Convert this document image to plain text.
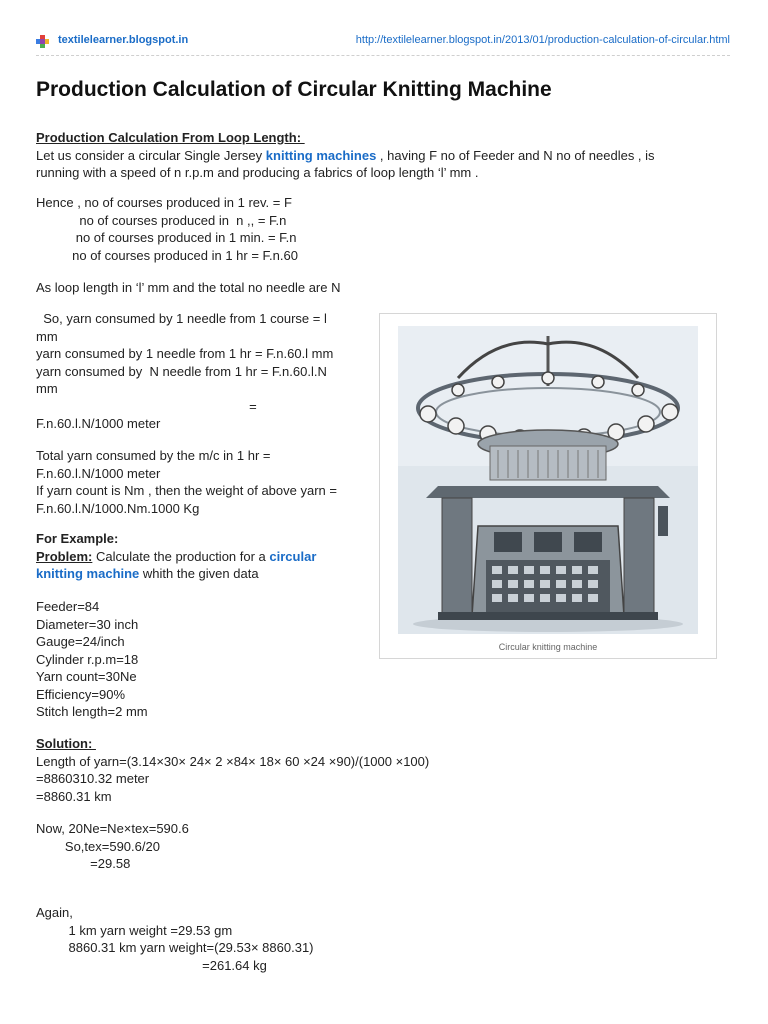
textilelearner.blogspot.in	http://textilelearner.blogspot.in/2013/01/production-calculation-of-circular.html
Production Calculation of Circular Knitting Machine

Production Calculation From Loop Length:

Let us consider a circular Single Jersey knitting machines , having F no of Feeder and N no of needles , is

running with a speed of n r.p.m and producing a fabrics of loop length ‘l’ mm .

Hence , no of courses produced in 1 rev. = F

no of courses produced in  n ,, = F.n

no of courses produced in 1 min. = F.n

no of courses produced in 1 hr = F.n.60

As loop length in ‘l’ mm and the total no needle are N

So, yarn consumed by 1 needle from 1 course = l

mm

yarn consumed by 1 needle from 1 hr = F.n.60.l mm

yarn consumed by  N needle from 1 hr = F.n.60.l.N

mm

=

F.n.60.l.N/1000 meter

Total yarn consumed by the m/c in 1 hr =

F.n.60.l.N/1000 meter

If yarn count is Nm , then the weight of above yarn =

F.n.60.l.N/1000.Nm.1000 Kg

For Example:

Problem: Calculate the production for a circular

knitting machine whith the given data

Feeder=84

Diameter=30 inch

Gauge=24/inch

Cylinder r.p.m=18

Yarn count=30Ne

Efficiency=90%

Stitch length=2 mm

Solution:

Length of yarn=(3.14×30× 24× 2 ×84× 18× 60 ×24 ×90)/(1000 ×100)

=8860310.32 meter

=8860.31 km

Now, 20Ne=Ne×tex=590.6

So,tex=590.6/20

=29.58

Again,

1 km yarn weight =29.53 gm

8860.31 km yarn weight=(29.53× 8860.31)

=261.64 kg

Circular knitting machine
